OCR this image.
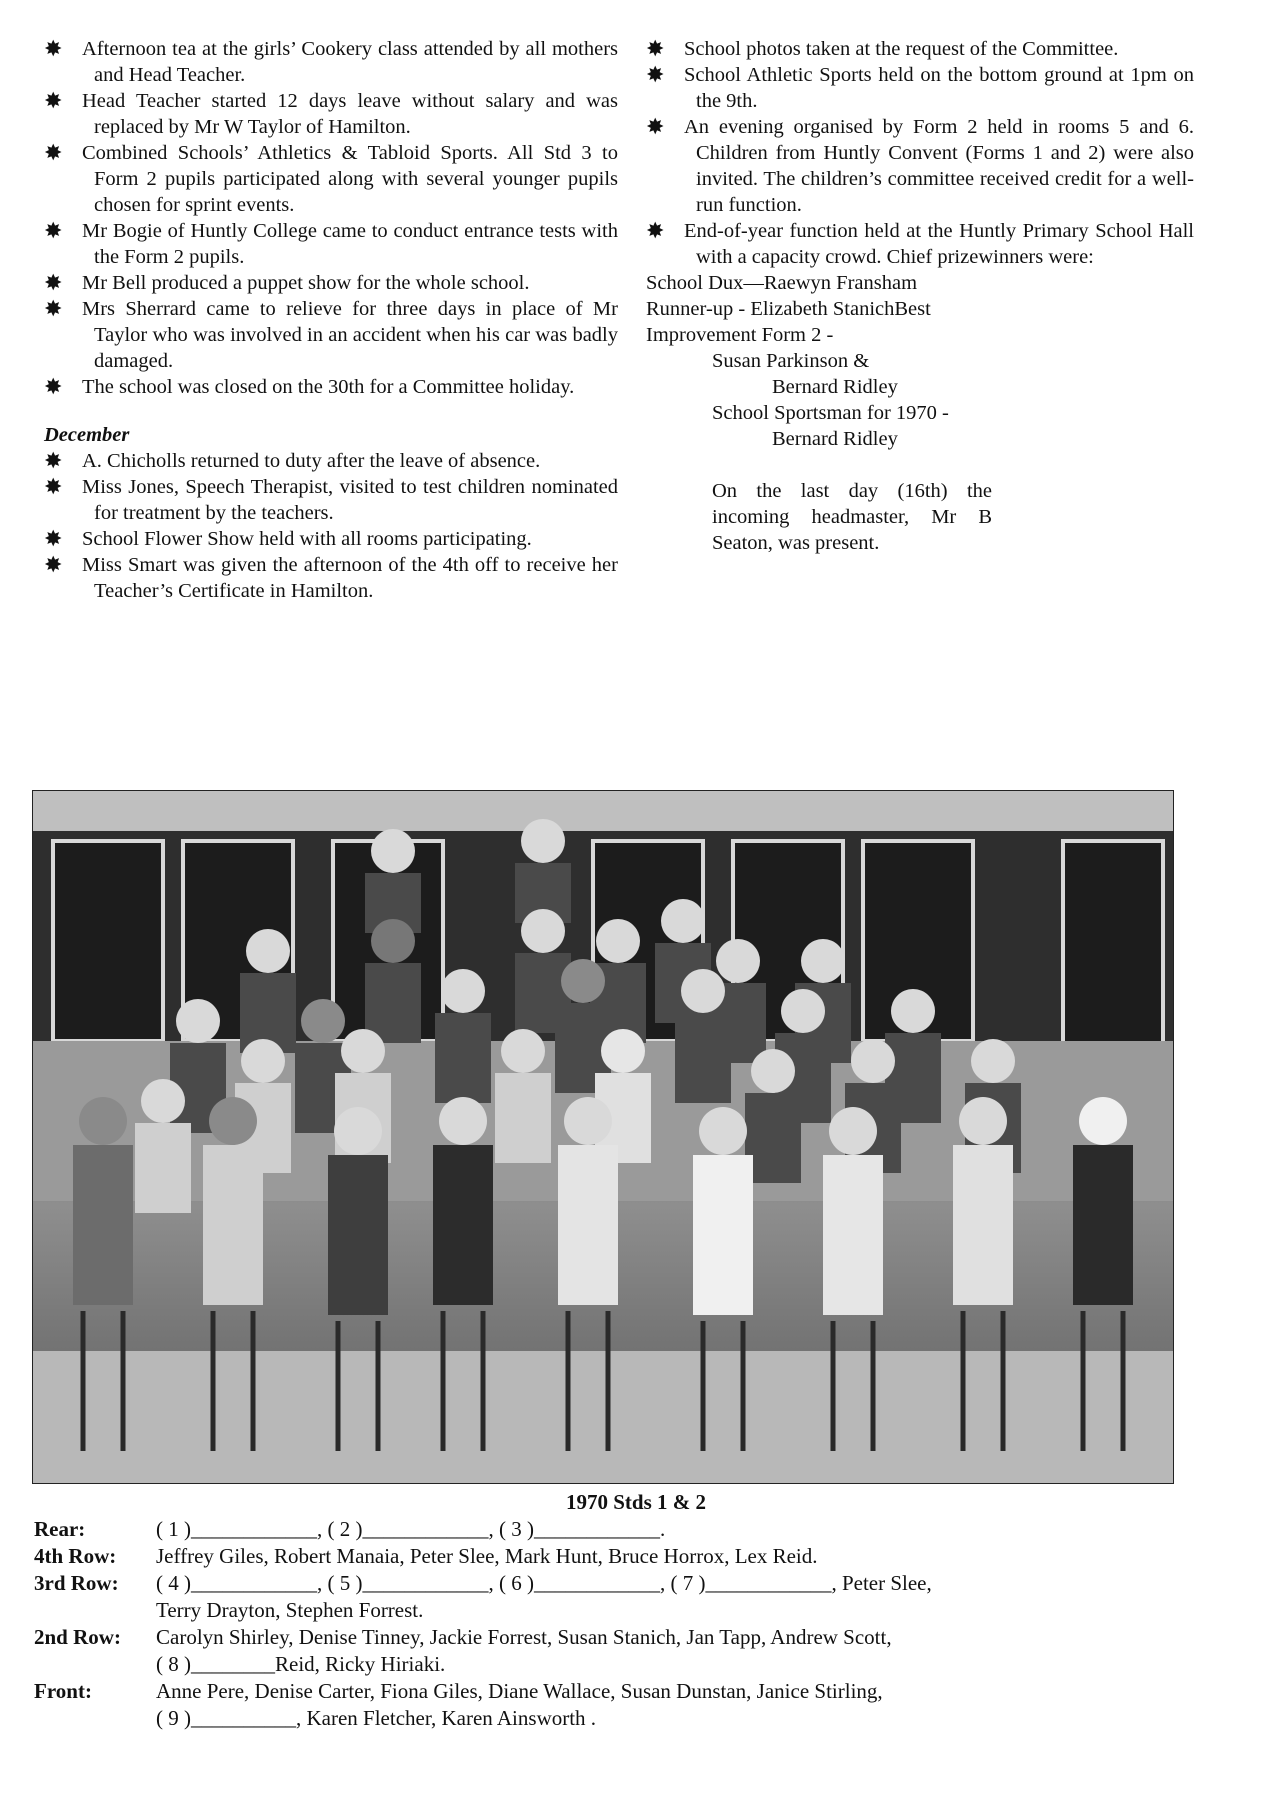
✸ Afternoon tea at the girls’ Cookery class attended by all mothers and Head Teacher.
✸ Head Teacher started 12 days leave without salary and was replaced by Mr W Taylor of Hamilton.
✸ Combined Schools’ Athletics & Tabloid Sports. All Std 3 to Form 2 pupils participated along with several younger pupils chosen for sprint events.
✸ Mr Bogie of Huntly College came to conduct entrance tests with the Form 2 pupils.
✸ Mr Bell produced a puppet show for the whole school.
✸ Mrs Sherrard came to relieve for three days in place of Mr Taylor who was involved in an accident when his car was badly damaged.
✸ The school was closed on the 30th for a Committee holiday.

December

✸ A. Chicholls returned to duty after the leave of absence.
✸ Miss Jones, Speech Therapist, visited to test children nominated for treatment by the teachers.
✸ School Flower Show held with all rooms participating.
✸ Miss Smart was given the afternoon of the 4th off to receive her Teacher’s Certificate in Hamilton.
✸ School photos taken at the request of the Committee.
✸ School Athletic Sports held on the bottom ground at 1pm on the 9th.
✸ An evening organised by Form 2 held in rooms 5 and 6. Children from Huntly Convent (Forms 1 and 2) were also invited. The children’s committee received credit for a well-run function.
✸ End-of-year function held at the Huntly Primary School Hall with a capacity crowd. Chief prizewinners were:

School Dux—Raewyn Fransham

Runner-up - Elizabeth StanichBest

Improvement Form 2 -

Susan Parkinson &

Bernard Ridley

School Sportsman for 1970 -

Bernard Ridley

On the last day (16th) the incoming headmaster, Mr B Seaton, was present.

1970 Stds 1 & 2
Rear:	( 1 )____________, ( 2 )____________, ( 3 )____________.
4th Row:	Jeffrey Giles, Robert Manaia, Peter Slee, Mark Hunt, Bruce Horrox, Lex Reid.
3rd Row:	( 4 )____________, ( 5 )____________, ( 6 )____________, ( 7 )____________, Peter Slee,
Terry Drayton, Stephen Forrest.
2nd Row:	Carolyn Shirley, Denise Tinney, Jackie Forrest, Susan Stanich, Jan Tapp, Andrew Scott,
( 8 )________Reid, Ricky Hiriaki.
Front:	Anne Pere, Denise Carter, Fiona Giles, Diane Wallace, Susan Dunstan, Janice Stirling,
( 9 )__________, Karen Fletcher, Karen Ainsworth .
